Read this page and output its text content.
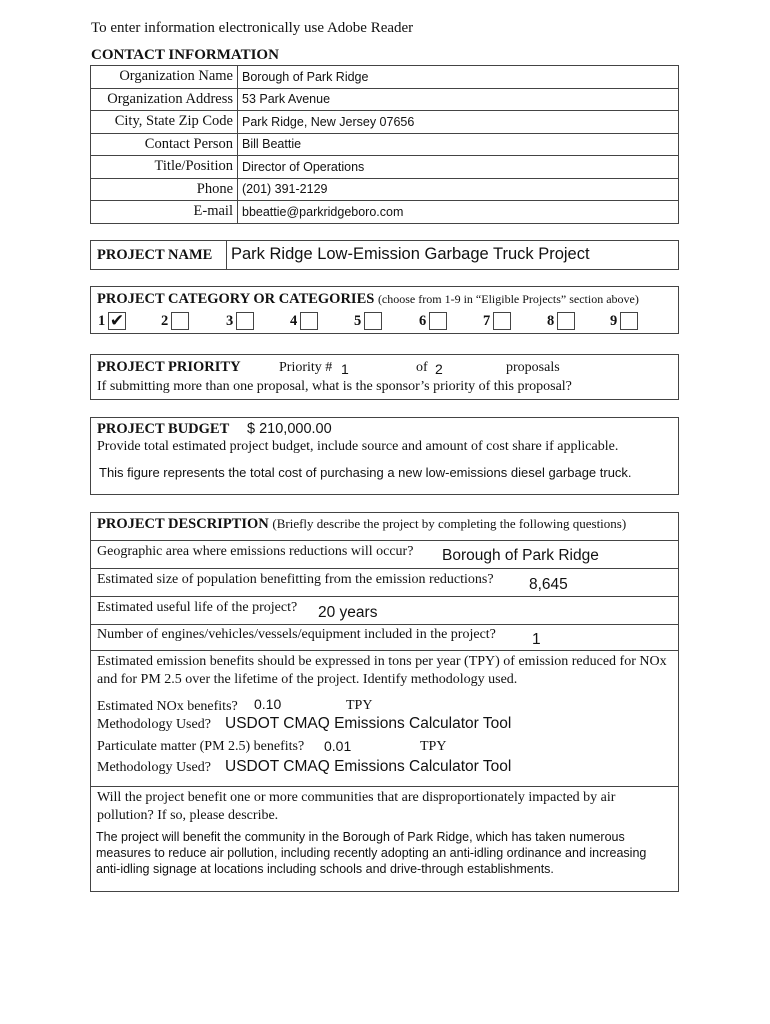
To enter information electronically use Adobe Reader
CONTACT INFORMATION
Organization Name	Borough of Park Ridge
Organization Address	53 Park Avenue
City, State Zip Code	Park Ridge, New Jersey 07656
Contact Person	Bill Beattie
Title/Position	Director of Operations
Phone	(201) 391-2129
E-mail	bbeattie@parkridgeboro.com
PROJECT NAME	Park Ridge Low-Emission Garbage Truck Project
PROJECT CATEGORY OR CATEGORIES (choose from 1-9 in “Eligible Projects” section above)
1 ✔	2	3	4	5	6	7	8	9
PROJECT PRIORITY	Priority # 1	of 2	proposals
If submitting more than one proposal, what is the sponsor’s priority of this proposal?
PROJECT BUDGET $ 210,000.00
Provide total estimated project budget, include source and amount of cost share if applicable.
This figure represents the total cost of purchasing a new low-emissions diesel garbage truck.
PROJECT DESCRIPTION (Briefly describe the project by completing the following questions)
Geographic area where emissions reductions will occur? Borough of Park Ridge
Estimated size of population benefitting from the emission reductions? 8,645
Estimated useful life of the project? 20 years
Number of engines/vehicles/vessels/equipment included in the project? 1
Estimated emission benefits should be expressed in tons per year (TPY) of emission reduced for NOx and for PM 2.5 over the lifetime of the project. Identify methodology used.
Estimated NOx benefits? 0.10	TPY
Methodology Used? USDOT CMAQ Emissions Calculator Tool
Particulate matter (PM 2.5) benefits? 0.01	TPY
Methodology Used? USDOT CMAQ Emissions Calculator Tool
Will the project benefit one or more communities that are disproportionately impacted by air pollution? If so, please describe.
The project will benefit the community in the Borough of Park Ridge, which has taken numerous measures to reduce air pollution, including recently adopting an anti-idling ordinance and increasing anti-idling signage at locations including schools and drive-through establishments.
